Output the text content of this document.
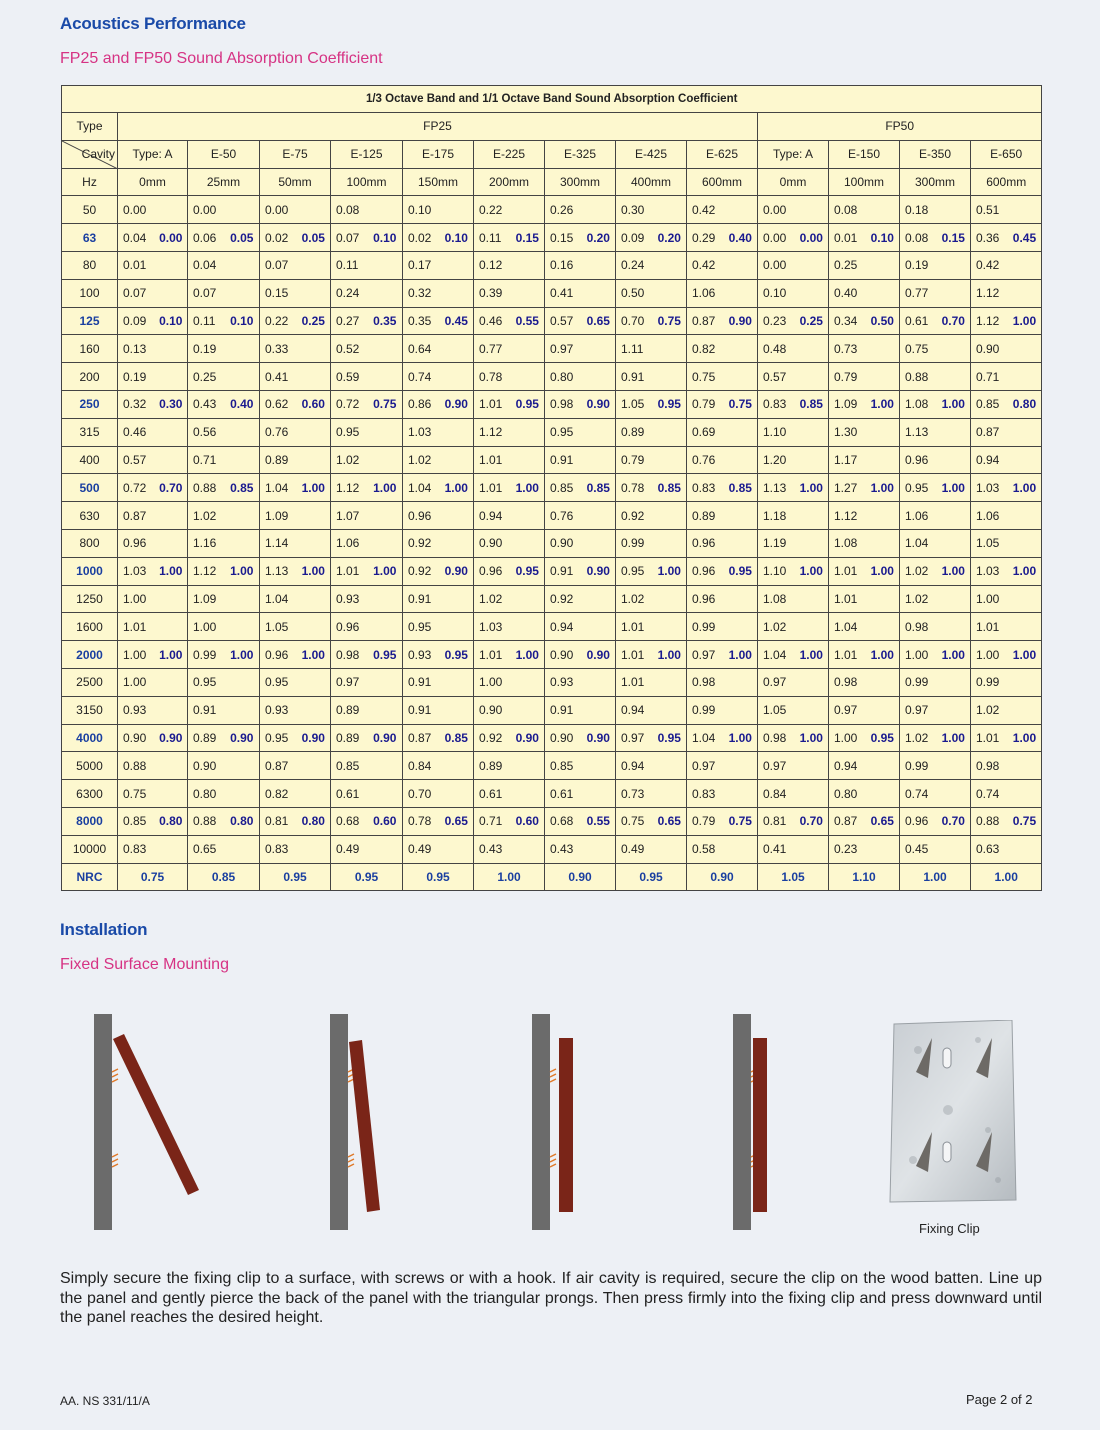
Acoustics Performance
FP25 and FP50 Sound Absorption Coefficient
1/3 Octave Band and 1/1 Octave Band Sound Absorption Coefficient																										
Type	FP25																		FP50							

Cavity	Type: A		E-50		E-75		E-125		E-175		E-225		E-325		E-425		E-625		Type: A		E-150		E-350		E-650	
Hz	0mm		25mm		50mm		100mm		150mm		200mm		300mm		400mm		600mm		0mm		100mm		300mm		600mm	
50	0.00		0.00		0.00		0.08		0.10		0.22		0.26		0.30		0.42		0.00		0.08		0.18		0.51	
63	0.04	0.00	0.06	0.05	0.02	0.05	0.07	0.10	0.02	0.10	0.11	0.15	0.15	0.20	0.09	0.20	0.29	0.40	0.00	0.00	0.01	0.10	0.08	0.15	0.36	0.45
80	0.01		0.04		0.07		0.11		0.17		0.12		0.16		0.24		0.42		0.00		0.25		0.19		0.42	
100	0.07		0.07		0.15		0.24		0.32		0.39		0.41		0.50		1.06		0.10		0.40		0.77		1.12	
125	0.09	0.10	0.11	0.10	0.22	0.25	0.27	0.35	0.35	0.45	0.46	0.55	0.57	0.65	0.70	0.75	0.87	0.90	0.23	0.25	0.34	0.50	0.61	0.70	1.12	1.00
160	0.13		0.19		0.33		0.52		0.64		0.77		0.97		1.11		0.82		0.48		0.73		0.75		0.90	
200	0.19		0.25		0.41		0.59		0.74		0.78		0.80		0.91		0.75		0.57		0.79		0.88		0.71	
250	0.32	0.30	0.43	0.40	0.62	0.60	0.72	0.75	0.86	0.90	1.01	0.95	0.98	0.90	1.05	0.95	0.79	0.75	0.83	0.85	1.09	1.00	1.08	1.00	0.85	0.80
315	0.46		0.56		0.76		0.95		1.03		1.12		0.95		0.89		0.69		1.10		1.30		1.13		0.87	
400	0.57		0.71		0.89		1.02		1.02		1.01		0.91		0.79		0.76		1.20		1.17		0.96		0.94	
500	0.72	0.70	0.88	0.85	1.04	1.00	1.12	1.00	1.04	1.00	1.01	1.00	0.85	0.85	0.78	0.85	0.83	0.85	1.13	1.00	1.27	1.00	0.95	1.00	1.03	1.00
630	0.87		1.02		1.09		1.07		0.96		0.94		0.76		0.92		0.89		1.18		1.12		1.06		1.06	
800	0.96		1.16		1.14		1.06		0.92		0.90		0.90		0.99		0.96		1.19		1.08		1.04		1.05	
1000	1.03	1.00	1.12	1.00	1.13	1.00	1.01	1.00	0.92	0.90	0.96	0.95	0.91	0.90	0.95	1.00	0.96	0.95	1.10	1.00	1.01	1.00	1.02	1.00	1.03	1.00
1250	1.00		1.09		1.04		0.93		0.91		1.02		0.92		1.02		0.96		1.08		1.01		1.02		1.00	
1600	1.01		1.00		1.05		0.96		0.95		1.03		0.94		1.01		0.99		1.02		1.04		0.98		1.01	
2000	1.00	1.00	0.99	1.00	0.96	1.00	0.98	0.95	0.93	0.95	1.01	1.00	0.90	0.90	1.01	1.00	0.97	1.00	1.04	1.00	1.01	1.00	1.00	1.00	1.00	1.00
2500	1.00		0.95		0.95		0.97		0.91		1.00		0.93		1.01		0.98		0.97		0.98		0.99		0.99	
3150	0.93		0.91		0.93		0.89		0.91		0.90		0.91		0.94		0.99		1.05		0.97		0.97		1.02	
4000	0.90	0.90	0.89	0.90	0.95	0.90	0.89	0.90	0.87	0.85	0.92	0.90	0.90	0.90	0.97	0.95	1.04	1.00	0.98	1.00	1.00	0.95	1.02	1.00	1.01	1.00
5000	0.88		0.90		0.87		0.85		0.84		0.89		0.85		0.94		0.97		0.97		0.94		0.99		0.98	
6300	0.75		0.80		0.82		0.61		0.70		0.61		0.61		0.73		0.83		0.84		0.80		0.74		0.74	
8000	0.85	0.80	0.88	0.80	0.81	0.80	0.68	0.60	0.78	0.65	0.71	0.60	0.68	0.55	0.75	0.65	0.79	0.75	0.81	0.70	0.87	0.65	0.96	0.70	0.88	0.75
10000	0.83		0.65		0.83		0.49		0.49		0.43		0.43		0.49		0.58		0.41		0.23		0.45		0.63	
NRC	0.75		0.85		0.95		0.95		0.95		1.00		0.90		0.95		0.90		1.05		1.10		1.00		1.00	
Installation
Fixed Surface Mounting
Fixing Clip
Simply secure the fixing clip to a surface, with screws or with a hook. If air cavity is required, secure the clip on the wood batten. Line up the panel and gently pierce the back of the panel with the triangular prongs. Then press firmly into the fixing clip and press downward until the panel reaches the desired height.
AA. NS 331/11/A	Page 2 of 2
